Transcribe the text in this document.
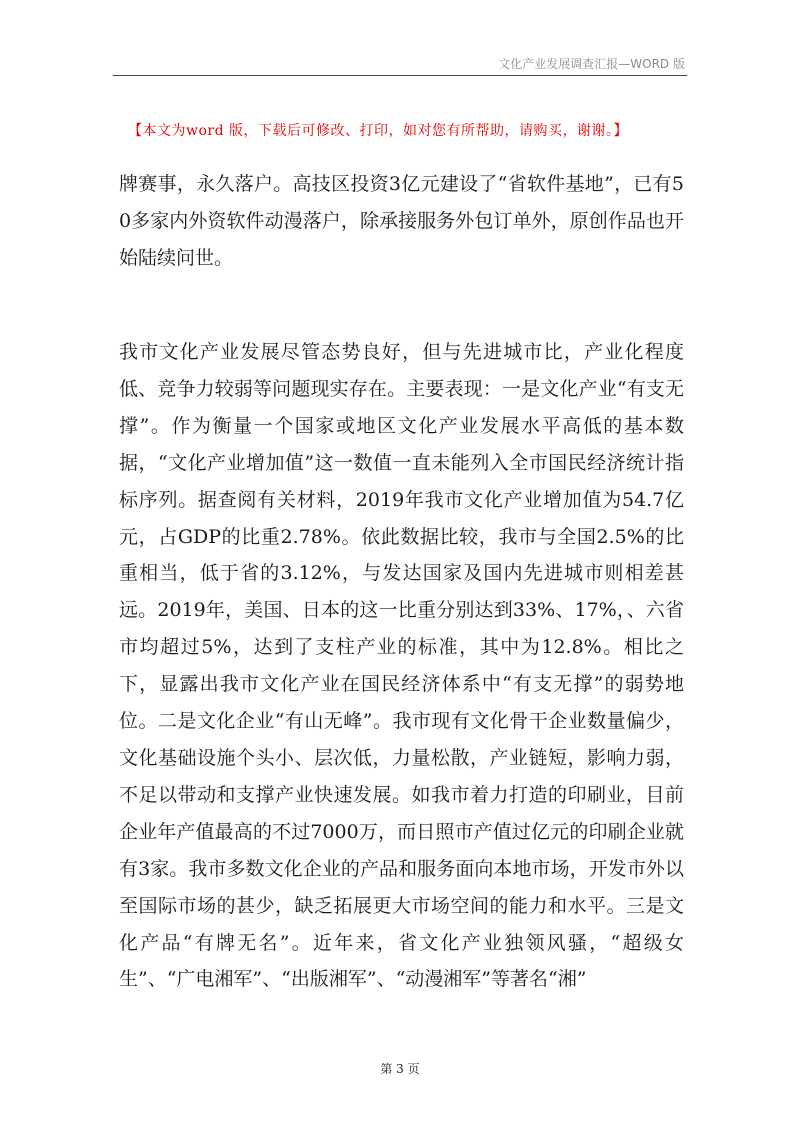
文化产业发展调查汇报—WORD 版
【本文为word 版，下载后可修改、打印，如对您有所帮助，请购买，谢谢。】

牌赛事，永久落户。高技区投资3亿元建设了“省软件基地”，已有50多家内外资软件动漫落户，除承接服务外包订单外，原创作品也开始陆续问世。

我市文化产业发展尽管态势良好，但与先进城市比，产业化程度低、竞争力较弱等问题现实存在。主要表现：一是文化产业“有支无撑”。作为衡量一个国家或地区文化产业发展水平高低的基本数据，“文化产业增加值”这一数值一直未能列入全市国民经济统计指标序列。据查阅有关材料，2019年我市文化产业增加值为54.7亿元，占GDP的比重2.78%。依此数据比较，我市与全国2.5%的比重相当，低于省的3.12%，与发达国家及国内先进城市则相差甚远。2019年，美国、日本的这一比重分别达到33%、17%，、六省市均超过5%，达到了支柱产业的标准，其中为12.8%。相比之下，显露出我市文化产业在国民经济体系中“有支无撑”的弱势地位。二是文化企业“有山无峰”。我市现有文化骨干企业数量偏少，文化基础设施个头小、层次低，力量松散，产业链短，影响力弱，不足以带动和支撑产业快速发展。如我市着力打造的印刷业，目前企业年产值最高的不过7000万，而日照市产值过亿元的印刷企业就有3家。我市多数文化企业的产品和服务面向本地市场，开发市外以至国际市场的甚少，缺乏拓展更大市场空间的能力和水平。三是文化产品“有牌无名”。近年来，省文化产业独领风骚，“超级女生”、“广电湘军”、“出版湘军”、“动漫湘军”等著名“湘”

第 3 页
